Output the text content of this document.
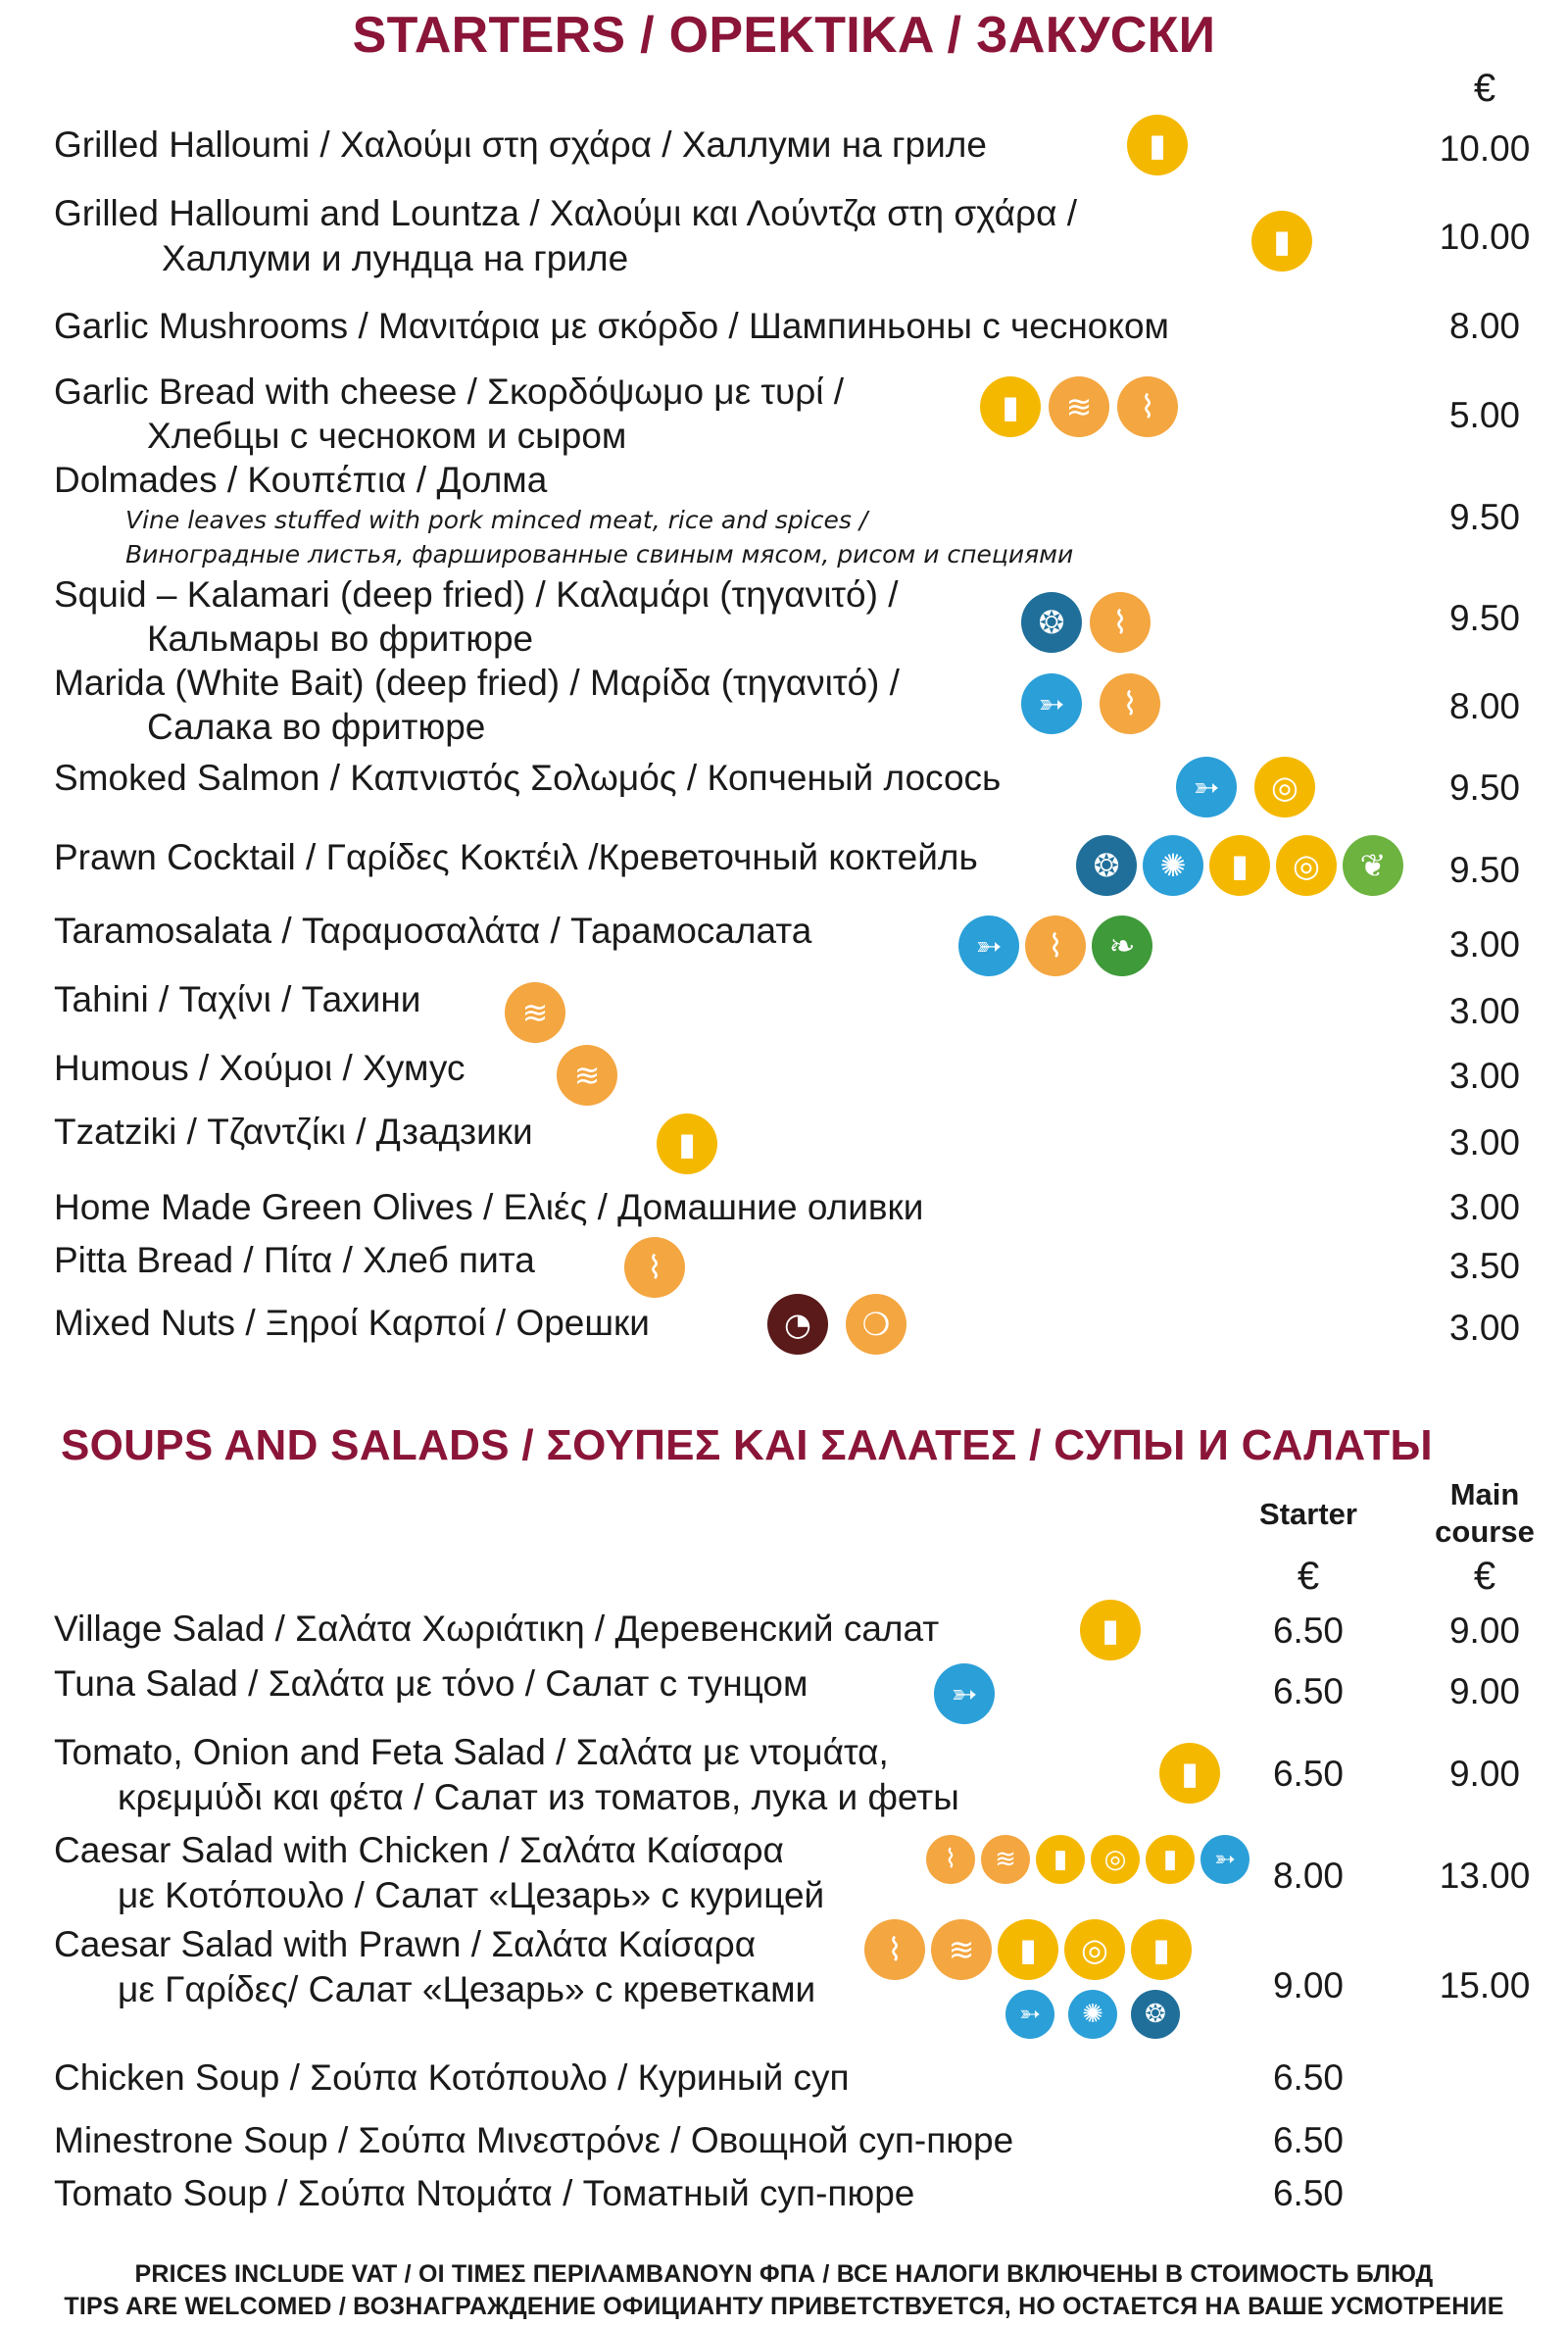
STARTERS / OPEKTIKA / ЗАКУСКИ
€
Grilled Halloumi / Χαλούμι στη σχάρα / Халлуми на гриле	▮	10.00
Grilled Halloumi and Lountza / Χαλούμι και Λούντζα στη σχάρα /
Халлуми и лундца на гриле	▮	10.00
Garlic Mushrooms / Μανιτάρια με σκόρδο / Шампиньоны с чесноком	8.00
Garlic Bread with cheese / Σκορδόψωμο με τυρί /
Хлебцы с чесноком и сыром
▮	≋	⌇	5.00
Dolmades / Κουπέπια / Долма
Vine leaves stuffed with pork minced meat, rice and spices /
Виноградные листья, фаршированные свиным мясом, рисом и специями
9.50
Squid – Kalamari (deep fried) / Καλαμάρι (τηγανιτό) /
Кальмары во фритюре	❂	⌇	9.50
Marida (White Bait) (deep fried) / Μαρίδα (τηγανιτό) /
Салака во фритюре
➳	⌇	8.00
Smoked Salmon / Καπνιστός Σολωμός / Копченый лосось	➳	◎	9.50
Prawn Cocktail / Γαρίδες Κοκτέιλ /Креветочный коктейль	❂	✺	▮	◎	❦	9.50
Taramosalata / Ταραμοσαλάτα / Тарамосалата	➳	⌇	❧	3.00
Tahini / Ταχίνι / Тахини	≋	3.00
Humous / Χούμοι / Хумус	≋	3.00
Tzatziki / Τζαντζίκι / Дзадзики	▮	3.00
Home Made Green Olives / Ελιές / Домашние оливки	3.00
Pitta Bread / Πίτα / Хлеб пита	⌇	3.50
Mixed Nuts / Ξηροί Καρποί / Орешки	◔	❍	3.00
SOUPS AND SALADS / ΣΟΥΠΕΣ ΚΑΙ ΣΑΛΑΤΕΣ / СУПЫ И САЛАТЫ
Starter
Main
course
€	€
Village Salad / Σαλάτα Χωριάτικη / Деревенский салат	▮	6.50	9.00
Tuna Salad / Σαλάτα με τόνο / Салат с тунцом	➳	6.50	9.00
Tomato, Onion and Feta Salad / Σαλάτα με ντομάτα,
κρεμμύδι και φέτα / Салат из томатов, лука и феты
▮	6.50	9.00
Caesar Salad with Chicken / Σαλάτα Καίσαρα
με Κοτόπουλο / Салат «Цезарь» с курицей
⌇	≋	▮	◎	▮	➳	8.00	13.00
Caesar Salad with Prawn / Σαλάτα Καίσαρα
με Γαρίδες/ Салат «Цезарь» с креветками
⌇	≋	▮	◎	▮
➳	✺	❂
9.00	15.00
Chicken Soup / Σούπα Κοτόπουλο / Куриный суп	6.50
Minestrone Soup / Σούπα Μινεστρόνε / Овощной суп-пюре	6.50
Tomato Soup / Σούπα Ντομάτα / Томатный суп-пюре	6.50
PRICES INCLUDE VAT / ΟΙ ΤΙΜΕΣ ΠΕΡΙΛΑΜΒΑΝΟΥΝ ΦΠΑ / ВСЕ НАЛОГИ ВКЛЮЧЕНЫ В СТОИМОСТЬ БЛЮД
TIPS ARE WELCOMED / ВОЗНАГРАЖДЕНИЕ ОФИЦИАНТУ ПРИВЕТСТВУЕТСЯ, НО ОСТАЕТСЯ НА ВАШЕ УСМОТРЕНИЕ
